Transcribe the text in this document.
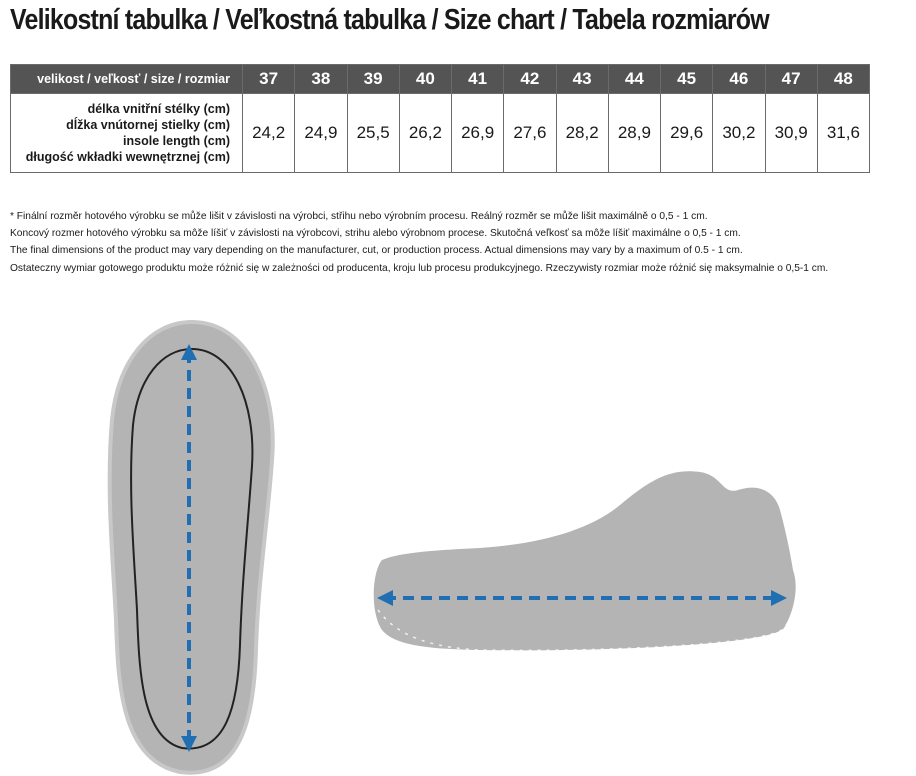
Velikostní tabulka / Veľkostná tabulka / Size chart / Tabela rozmiarów
velikost / veľkosť / size / rozmiar	37	38	39	40	41	42	43	44	45	46	47	48

délka vnitřní stélky (cm)
dĺžka vnútornej stielky (cm)
insole length (cm)
długość wkładki wewnętrznej (cm)	24,2	24,9	25,5	26,2	26,9	27,6	28,2	28,9	29,6	30,2	30,9	31,6
* Finální rozměr hotového výrobku se může lišit v závislosti na výrobci, střihu nebo výrobním procesu. Reálný rozměr se může lišit maximálně o 0,5 - 1 cm.
Koncový rozmer hotového výrobku sa môže líšiť v závislosti na výrobcovi, strihu alebo výrobnom procese. Skutočná veľkosť sa môže líšiť maximálne o 0,5 - 1 cm.
The final dimensions of the product may vary depending on the manufacturer, cut, or production process. Actual dimensions may vary by a maximum of 0.5 - 1 cm.
Ostateczny wymiar gotowego produktu może różnić się w zależności od producenta, kroju lub procesu produkcyjnego. Rzeczywisty rozmiar może różnić się maksymalnie o 0,5-1 cm.
